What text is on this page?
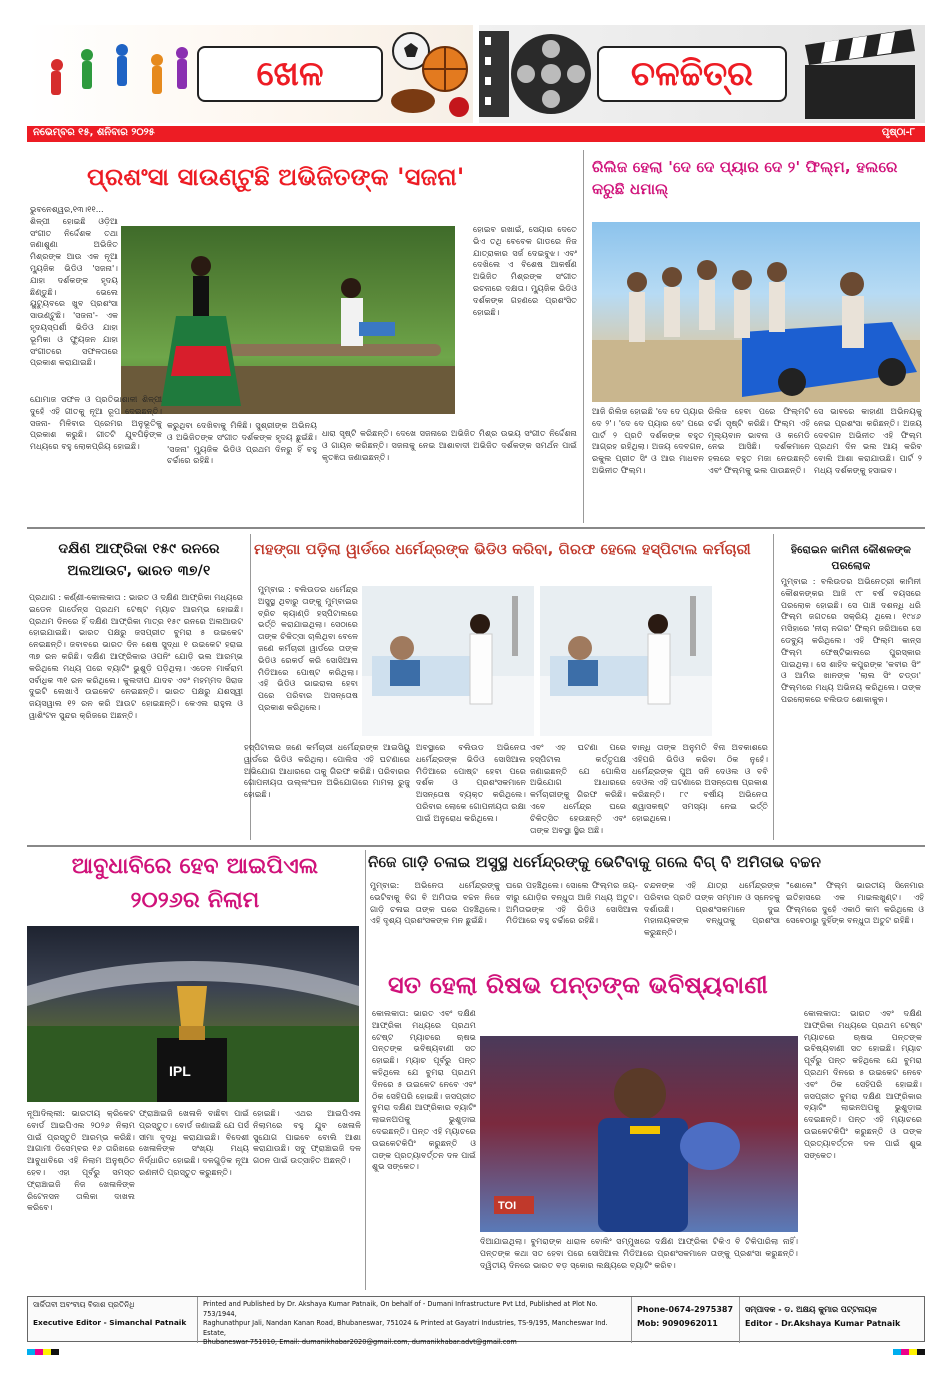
ଖେଳ	ଚଳଚ୍ଚିତ୍ର
ନଭେମ୍ବର ୧୫, ଶନିବାର ୨୦୨୫	ପୃଷ୍ଠା-୮
ପ୍ରଶଂସା ସାଉଣ୍ଟୁଛି ଅଭିଜିତଙ୍କ 'ସଜନା'
ଭୁବନେଶ୍ୱର,୧୩।୧୧... ଶିଳ୍ପୀ ହୋଇଛି ଓଡ଼ିଆ ସଂଗୀତ ନିର୍ଦ୍ଦେଶକ ତଥା ଜଣାଶୁଣା ଅଭିଜିତ ମିଶ୍ରଙ୍କ ଆଉ ଏକ ନୂଆ ମ୍ୟୁଜିକ ଭିଡିଓ 'ସଜନା'। ଯାହା ଦର୍ଶକଙ୍କ ହୃଦୟ ଛିଣ୍ଡୁଛି। ଭେଲେ ୟୁଟ୍ୟୁବରେ ଖୁବ ପ୍ରଶଂସା ସାଉଣ୍ଟୁଛି। 'ସଜନା'- ଏକ ହୃଦୟସ୍ପର୍ଶୀ ଭିଡିଓ ଯାହା ଭୂମିକା ଓ ଫ୍ୟୁଜନ ଯାହା ସଂଗୀତରେ ସଫଳତାରେ ପ୍ରକାଶ କରାଯାଇଛି।
ହୋଇବ ରଖାଇଁ, ସେୟାର ଦେତେ ଭିଏ ତଥି ବେବେକ ଗାଡରେ ନିଜ ଯାତ୍ରାକାର ସର୍ଜ ଦେଇବୁଝ। ଏବଂ ଦେଖିଲେ ଏ ବିଶେଷ ଆକର୍ଷଣ ଅଭିଜିତ ମିଶ୍ରଙ୍କ ସଂଗୀତ ରଚନାରେ ଦକ୍ଷତା। ମ୍ୟୁଜିକ ଭିଡିଓ ଦର୍ଶକଙ୍କ ଗହଣରେ ପ୍ରଶଂସିତ ହୋଇଛି।
ଯୋମାଜ ସଫଳ ଓ ପ୍ରତିଭାଶାଳୀ ଶିଳ୍ପୀ ଦୁହେଁ ଏହି ଗୀତକୁ ନୂଆ ରୂପ ଦେଇଛନ୍ତି। ସଜନା- ମିଳିବାର ପ୍ରେମର ଅନୁଭୂତିକୁ ପ୍ରକାଶ କରୁଛି। ଗୀତଟି ଯୁବପିଢ଼ିଙ୍କ ମଧ୍ୟରେ ବହୁ ଲୋକପ୍ରିୟ ହୋଇଛି।
କରୁଥିବା ଦେଖିବାକୁ ମିଳିଛି। ସୁଶ୍ରୀଙ୍କ ଅଭିନୟ ଓ ଅଭିଜିତଙ୍କ ସଂଗୀତ ଦର୍ଶକଙ୍କ ହୃଦୟ ଛୁଇଁଛି। 'ସଜନା' ମ୍ୟୁଜିକ ଭିଡିଓ ପ୍ରଥମ ଦିନରୁ ହିଁ ବହୁ ଚର୍ଚ୍ଚାରେ ରହିଛି।
ଧାରା ସୃଷ୍ଟି କରିଛନ୍ତି। ଦେଖେ ସଜନାରେ ଅଭିଜିତ ମିଶ୍ର ଉଭୟ ସଂଗୀତ ନିର୍ଦ୍ଦେଶନା ଓ ଗାୟନ କରିଛନ୍ତି। ସଜନାକୁ ନେଇ ଆଶାବାଦୀ ଅଭିଜିତ ଦର୍ଶକଙ୍କ ସମର୍ଥନ ପାଇଁ କୃତଜ୍ଞତା ଜଣାଇଛନ୍ତି।
ରିଲିଜ ହେଲା 'ଦେ ଦେ ପ୍ୟାର ଦେ ୨' ଫିଲ୍ମ, ହଲରେ କରୁଛି ଧମାଲ୍
ଆଜି ରିଲିଜ ହୋଇଛି 'ଦେ ଦେ ପ୍ୟାର ଦେ ୨'। 'ଦେ ଦେ ପ୍ୟାର ଦେ' ପରେ ପାର୍ଟ ୨ ପ୍ରତି ଦର୍ଶକଙ୍କ ବହୁତ ଆଗ୍ରହ ରହିଥିଲା। ଅଜୟ ଦେବଗନ, ରକୁଲ ପ୍ରୀତ ସିଂ ଓ ଆର ମାଧବନ ଅଭିନୀତ ଫିଲ୍ମ।
ରିଲିଜ ହେବା ପରେ ଫିଲ୍ମଟି ଚର୍ଚ୍ଚା ସୃଷ୍ଟି କରିଛି। ଫିଲ୍ମ ଏହି ମୂଲ୍ୟବାନ ଭାବନା ଓ କମେଡି ନେଇ ଆସିଛି। ଦର୍ଶକମାନେ ହଲରେ ବହୁତ ମଜା ନେଉଛନ୍ତି ଏବଂ ଫିଲ୍ମକୁ ଭଲ ପାଉଛନ୍ତି।
ସେ ଭାବରେ କାହାଣୀ ଅଭିନୟକୁ ନେଇ ପ୍ରଶଂସା କରିଛନ୍ତି। ଅଜୟ ଦେବଗନ ଅଭିନୀତ ଏହି ଫିଲ୍ମ ପ୍ରଥମ ଦିନ ଭଲ ଆୟ କରିବ ବୋଲି ଆଶା କରାଯାଉଛି। ପାର୍ଟ ୨ ମଧ୍ୟ ଦର୍ଶକଙ୍କୁ ହସାଇବ।
ଦକ୍ଷିଣ ଆଫ୍ରିକା ୧୫୯ ରନରେ ଅଲଆଉଟ, ଭାରତ ୩୭/୧
ପ୍ରଥାଗ : କର୍ଣ୍ଣୀ-କୋଲକାତା : ଭାରତ ଓ ଦକ୍ଷିଣ ଆଫ୍ରିକା ମଧ୍ୟରେ ଇଡେନ ଗାର୍ଡେନ୍ସ ପ୍ରଥମ ଟେଷ୍ଟ ମ୍ୟାଚ ଆରମ୍ଭ ହୋଇଛି। ପ୍ରଥମ ଦିନରେ ହିଁ ଦକ୍ଷିଣ ଆଫ୍ରିକା ମାତ୍ର ୧୫୯ ରନରେ ଅଲଆଉଟ ହୋଇଯାଇଛି। ଭାରତ ପକ୍ଷରୁ ଜସପ୍ରୀତ ବୁମରା ୫ ଉଇକେଟ ନେଇଛନ୍ତି। ଜବାବରେ ଭାରତ ଦିନ ଶେଷ ସୁଦ୍ଧା ୧ ଉଇକେଟ ହରାଇ ୩୭ ରନ କରିଛି। ଦକ୍ଷିଣ ଆଫ୍ରିକାର ଓପନିଂ ଯୋଡ଼ି ଭଲ ଆରମ୍ଭ କରିଥିଲେ ମଧ୍ୟ ପରେ ବ୍ୟାଟିଂ ଭୁଶୁଡ଼ି ପଡ଼ିଥିଲା। ଏଡେନ ମାର୍କରାମ ସର୍ବାଧିକ ୩୧ ରନ କରିଥିଲେ। କୁଲଦୀପ ଯାଦବ ଏବଂ ମହମ୍ମଦ ସିରାଜ ଦୁଇଟି ଲେଖାଏଁ ଉଇକେଟ ନେଇଛନ୍ତି। ଭାରତ ପକ୍ଷରୁ ଯଶସ୍ୱୀ ଜୟସୱାଲ ୧୨ ରନ କରି ଆଉଟ ହୋଇଛନ୍ତି। କେଏଲ ରାହୁଲ ଓ ୱାଶିଂଟନ ସୁନ୍ଦର କ୍ରିଜରେ ଅଛନ୍ତି।
ମହଙ୍ଗା ପଡ଼ିଲା ୱାର୍ଡରେ ଧର୍ମେନ୍ଦ୍ରଙ୍କ ଭିଡିଓ କରିବା, ଗିରଫ ହେଲେ ହସ୍ପିଟାଲ କର୍ମଚାରୀ
ମୁମ୍ବାଇ : ବଲିଉଡର ଧର୍ମେନ୍ଦ୍ର ଅସୁସ୍ଥ ଥିବାରୁ ତାଙ୍କୁ ମୁମ୍ବାଇର ବ୍ରିଚ କ୍ୟାଣ୍ଡି ହସ୍ପିଟାଲରେ ଭର୍ତ୍ତି କରାଯାଇଥିଲା। ସେଠାରେ ତାଙ୍କ ଚିକିତ୍ସା ଚାଲିଥିବା ବେଳେ ଜଣେ କର୍ମଚାରୀ ୱାର୍ଡରେ ତାଙ୍କ ଭିଡିଓ ରେକର୍ଡ କରି ସୋସିଆଲ ମିଡିଆରେ ପୋଷ୍ଟ କରିଥିଲା। ଏହି ଭିଡିଓ ଭାଇରାଲ ହେବା ପରେ ପରିବାର ଅସନ୍ତୋଷ ପ୍ରକାଶ କରିଥିଲେ।
ହସ୍ପିଟାଲର ଜଣେ କର୍ମଚାରୀ ଧର୍ମେନ୍ଦ୍ରଙ୍କ ଆଇସିୟୁ ୱାର୍ଡରେ ଭିଡିଓ କରିଥିଲା। ପୋଲିସ ଏହି ଘଟଣାରେ ଅଭିଯୋଗ ଆଧାରରେ ତାକୁ ଗିରଫ କରିଛି। ପରିବାରର ଗୋପନୀୟତା ଉଲ୍ଲଂଘନ ଅଭିଯୋଗରେ ମାମଲା ରୁଜୁ ହୋଇଛି।
ଅବସ୍ଥାରେ ବଲିଉଡ ଅଭିନେତା ଧର୍ମେନ୍ଦ୍ରଙ୍କ ଭିଡିଓ ସୋସିଆଲ ମିଡିଆରେ ପୋଷ୍ଟ ହେବା ପରେ ଦର୍ଶକ ଓ ପ୍ରଶଂସକମାନେ ଅସନ୍ତୋଷ ବ୍ୟକ୍ତ କରିଥିଲେ। ପରିବାର ଲୋକେ ଗୋପନୀୟତା ରକ୍ଷା ପାଇଁ ଅନୁରୋଧ କରିଥିଲେ।
ଏବଂ ଏହ ଘଟଣା ପରେ ହସ୍ପିଟାଲ କର୍ତ୍ତୃପକ୍ଷ ଜଣାଇଛନ୍ତି ଯେ ପୋଲିସ ଅଭିଯୋଗ ଆଧାରରେ କର୍ମଚାରୀଙ୍କୁ ଗିରଫ କରିଛି। ଏବେ ଧର୍ମେନ୍ଦ୍ର ଘରେ ଚିକିତ୍ସିତ ହେଉଛନ୍ତି ଏବଂ ତାଙ୍କ ଅବସ୍ଥା ସ୍ଥିର ଅଛି।
ବାନ୍ଧି ତାଙ୍କ ଅନୁମତି ବିନା ଅବକାଶରେ ଏହିପରି ଭିଡିଓ କରିବା ଠିକ ନୁହେଁ। ଧର୍ମେନ୍ଦ୍ରଙ୍କ ପୁଅ ସନି ଦେଓଲ ଓ ବବି ଦେଓଲ ଏହି ଘଟଣାରେ ଅସନ୍ତୋଷ ପ୍ରକାଶ କରିଛନ୍ତି। ୮୯ ବର୍ଷୀୟ ଅଭିନେତା ଶ୍ୱାସକଷ୍ଟ ସମସ୍ୟା ନେଇ ଭର୍ତ୍ତି ହୋଇଥିଲେ।
ହିରୋଇନ କାମିନୀ କୌଶଳଙ୍କ ପରଲୋକ
ମୁମ୍ବାଇ : ବଲିଉଡର ଅଭିନେତ୍ରୀ କାମିନୀ କୌଶଳଙ୍କର ଆଜି ୯୮ ବର୍ଷ ବୟସରେ ପରଲୋକ ହୋଇଛି। ସେ ପାଞ୍ଚ ଦଶନ୍ଧି ଧରି ଫିଲ୍ମ ଜଗତରେ ସକ୍ରିୟ ଥିଲେ। ୧୯୪୬ ମସିହାରେ 'ନୀଚା ନଗର' ଫିଲ୍ମ ଜରିଆରେ ସେ ଡେବ୍ୟୁ କରିଥିଲେ। ଏହି ଫିଲ୍ମ କାନ୍ସ ଫିଲ୍ମ ଫେଷ୍ଟିଭାଲରେ ପୁରସ୍କାର ପାଇଥିଲା। ସେ ଶାହିଦ କପୁରଙ୍କ 'କବୀର ସିଂ' ଓ ଆମିର ଖାନଙ୍କ 'ଲାଲ ସିଂ ଚଡ୍ଡା' ଫିଲ୍ମରେ ମଧ୍ୟ ଅଭିନୟ କରିଥିଲେ। ତାଙ୍କ ପରଲୋକରେ ବଲିଉଡ ଶୋକାକୁଳ।
ଆବୁଧାବିରେ ହେବ ଆଇପିଏଲ ୨୦୨୬ର ନିଲାମ
IPL
ନୂଆଦିଲ୍ଲୀ: ଭାରତୀୟ କ୍ରିକେଟ ବୋର୍ଡ ଆଇପିଏଲ ୨୦୨୬ ନିଲାମ ପାଇଁ ପ୍ରସ୍ତୁତି ଆରମ୍ଭ କରିଛି। ଆଗାମୀ ଡିସେମ୍ବର ୧୬ ତାରିଖରେ ଆବୁଧାବିରେ ଏହି ନିଲାମ ଅନୁଷ୍ଠିତ ହେବ। ଏହା ପୂର୍ବରୁ ସମସ୍ତ ଫ୍ରାଞ୍ଚାଇଜି ନିଜ ଖେଳାଳିଙ୍କ ରିଟେନସନ ତାଲିକା ଦାଖଲ କରିବେ।
ଫ୍ରାଞ୍ଚାଇଜି ଖେଳାଳି ବାଛିବା ପାଇଁ ପ୍ରସ୍ତୁତ। ବୋର୍ଡ ଜଣାଇଛି ଯେ ପର୍ସ ସୀମା ବୃଦ୍ଧି କରାଯାଇଛି। ବିଦେଶୀ ଖେଳାଳିଙ୍କ ସଂଖ୍ୟା ମଧ୍ୟ ନିର୍ଦ୍ଧାରିତ ହୋଇଛି। ଦଳଗୁଡ଼ିକ ନୂଆ ରଣନୀତି ପ୍ରସ୍ତୁତ କରୁଛନ୍ତି।
ହୋଇଛି। ଏଥର ଆଇପିଏଲ ନିଲାମରେ ବହୁ ଯୁବ ଖେଳାଳି ସୁଯୋଗ ପାଇବେ ବୋଲି ଆଶା କରାଯାଉଛି। ସବୁ ଫ୍ରାଞ୍ଚାଇଜି ଦଳ ଗଠନ ପାଇଁ ଉତ୍ସାହିତ ଅଛନ୍ତି।
ନିଜେ ଗାଡ଼ି ଚଳାଇ ଅସୁସ୍ଥ ଧର୍ମେନ୍ଦ୍ରଙ୍କୁ ଭେଟିବାକୁ ଗଲେ ବିଗ୍ ବି ଅମିତାଭ ବଚ୍ଚନ
ମୁମ୍ବାଇ: ଅଭିନେତା ଧର୍ମେନ୍ଦ୍ରଙ୍କୁ ଭେଟିବାକୁ ବିଗ ବି ଅମିତାଭ ବଚ୍ଚନ ନିଜେ ଗାଡ଼ି ଚଳାଇ ତାଙ୍କ ଘରେ ପହଞ୍ଚିଥିଲେ। ଏହି ଦୃଶ୍ୟ ପ୍ରଶଂସକଙ୍କ ମନ ଛୁଇଁଛି।
ଘରେ ପହଞ୍ଚିଥିଲେ। ସୋଲେ ଫିଲ୍ମର ଜୟ-ବୀରୁ ଯୋଡ଼ିର ବନ୍ଧୁତା ଆଜି ମଧ୍ୟ ଅତୁଟ। ଅମିତାଭଙ୍କ ଏହି ଭିଡିଓ ସୋସିଆଲ ମିଡିଆରେ ବହୁ ଚର୍ଚ୍ଚାରେ ରହିଛି।
ଚନ୍ଦନଙ୍କ ଏହି ଯାତ୍ରା ଧର୍ମେନ୍ଦ୍ରଙ୍କ ପରିବାର ପ୍ରତି ତାଙ୍କ ସମ୍ମାନ ଓ ସ୍ନେହକୁ ଦର୍ଶାଉଛି। ପ୍ରଶଂସକମାନେ ଦୁଇ ମହାନାୟକଙ୍କ ବନ୍ଧୁତାକୁ ପ୍ରଶଂସା କରୁଛନ୍ତି।
"ଶୋଲେ" ଫିଲ୍ମ ଭାରତୀୟ ସିନେମାର ଇତିହାସରେ ଏକ ମାଇଲଖୁଣ୍ଟ। ଏହି ଫିଲ୍ମରେ ଦୁହେଁ ଏକାଠି କାମ କରିଥିଲେ ଓ ସେବେଠାରୁ ଦୁହିଁଙ୍କ ବନ୍ଧୁତା ଅତୁଟ ରହିଛି।
ସତ ହେଲା ରିଷଭ ପନ୍ତଙ୍କ ଭବିଷ୍ୟବାଣୀ
TOI
କୋଲକାତା: ଭାରତ ଏବଂ ଦକ୍ଷିଣ ଆଫ୍ରିକା ମଧ୍ୟରେ ପ୍ରଥମ ଟେଷ୍ଟ ମ୍ୟାଚରେ ଋଷଭ ପନ୍ତଙ୍କ ଭବିଷ୍ୟବାଣୀ ସତ ହୋଇଛି। ମ୍ୟାଚ ପୂର୍ବରୁ ପନ୍ତ କହିଥିଲେ ଯେ ବୁମରା ପ୍ରଥମ ଦିନରେ ୫ ଉଇକେଟ ନେବେ ଏବଂ ଠିକ ସେହିପରି ହୋଇଛି। ଜସପ୍ରୀତ ବୁମରା ଦକ୍ଷିଣ ଆଫ୍ରିକାର ବ୍ୟାଟିଂ ଲାଇନଅପକୁ ଭୁଶୁଡ଼ାଇ ଦେଇଛନ୍ତି। ପନ୍ତ ଏହି ମ୍ୟାଚରେ ଉଇକେଟକିପିଂ କରୁଛନ୍ତି ଓ ତାଙ୍କ ପ୍ରତ୍ୟାବର୍ତ୍ତନ ଦଳ ପାଇଁ ଶୁଭ ସଙ୍କେତ।
କୋଲକାତା: ଭାରତ ଏବଂ ଦକ୍ଷିଣ ଆଫ୍ରିକା ମଧ୍ୟରେ ପ୍ରଥମ ଟେଷ୍ଟ ମ୍ୟାଚରେ ଋଷଭ ପନ୍ତଙ୍କ ଭବିଷ୍ୟବାଣୀ ସତ ହୋଇଛି। ମ୍ୟାଚ ପୂର୍ବରୁ ପନ୍ତ କହିଥିଲେ ଯେ ବୁମରା ପ୍ରଥମ ଦିନରେ ୫ ଉଇକେଟ ନେବେ ଏବଂ ଠିକ ସେହିପରି ହୋଇଛି। ଜସପ୍ରୀତ ବୁମରା ଦକ୍ଷିଣ ଆଫ୍ରିକାର ବ୍ୟାଟିଂ ଲାଇନଅପକୁ ଭୁଶୁଡ଼ାଇ ଦେଇଛନ୍ତି। ପନ୍ତ ଏହି ମ୍ୟାଚରେ ଉଇକେଟକିପିଂ କରୁଛନ୍ତି ଓ ତାଙ୍କ ପ୍ରତ୍ୟାବର୍ତ୍ତନ ଦଳ ପାଇଁ ଶୁଭ ସଙ୍କେତ।
ଦିଆଯାଇଥିଲା। ବୁମରାଙ୍କ ଧାରାଳ ବୋଲିଂ ସମ୍ମୁଖରେ ଦକ୍ଷିଣ ଆଫ୍ରିକା ଟିକିଏ ବି ଟିକିପାରିଲା ନାହିଁ। ପନ୍ତଙ୍କ କଥା ସତ ହେବା ପରେ ସୋସିଆଲ ମିଡିଆରେ ପ୍ରଶଂସକମାନେ ତାଙ୍କୁ ପ୍ରଶଂସା କରୁଛନ୍ତି। ଦ୍ୱିତୀୟ ଦିନରେ ଭାରତ ବଡ଼ ସ୍କୋର ଲକ୍ଷ୍ୟରେ ବ୍ୟାଟିଂ କରିବ।
ସାର୍କିତାବୀ ଅବଂବୀୟ ବିକାଶ ପ୍ରତିନିଧି
Executive Editor - Simanchal Patnaik
Printed and Published by Dr. Akshaya Kumar Patnaik, On behalf of - Dumani Infrastructure Pvt Ltd, Published at Plot No. 753/1944,
Raghunathpur Jali, Nandan Kanan Road, Bhubaneswar, 751024 & Printed at Gayatri Industries, TS-9/195, Mancheswar Ind. Estate,
Bhubaneswar-751010, Email: dumanikhabar2020@gmail.com, dumanikhabar.advt@gmail.com
Phone-0674-2975387
Mob: 9090962011
ସମ୍ପାଦକ - ଡ. ଅକ୍ଷୟ କୁମାର ପଟ୍ଟନାୟକ
Editor - Dr.Akshaya Kumar Patnaik
